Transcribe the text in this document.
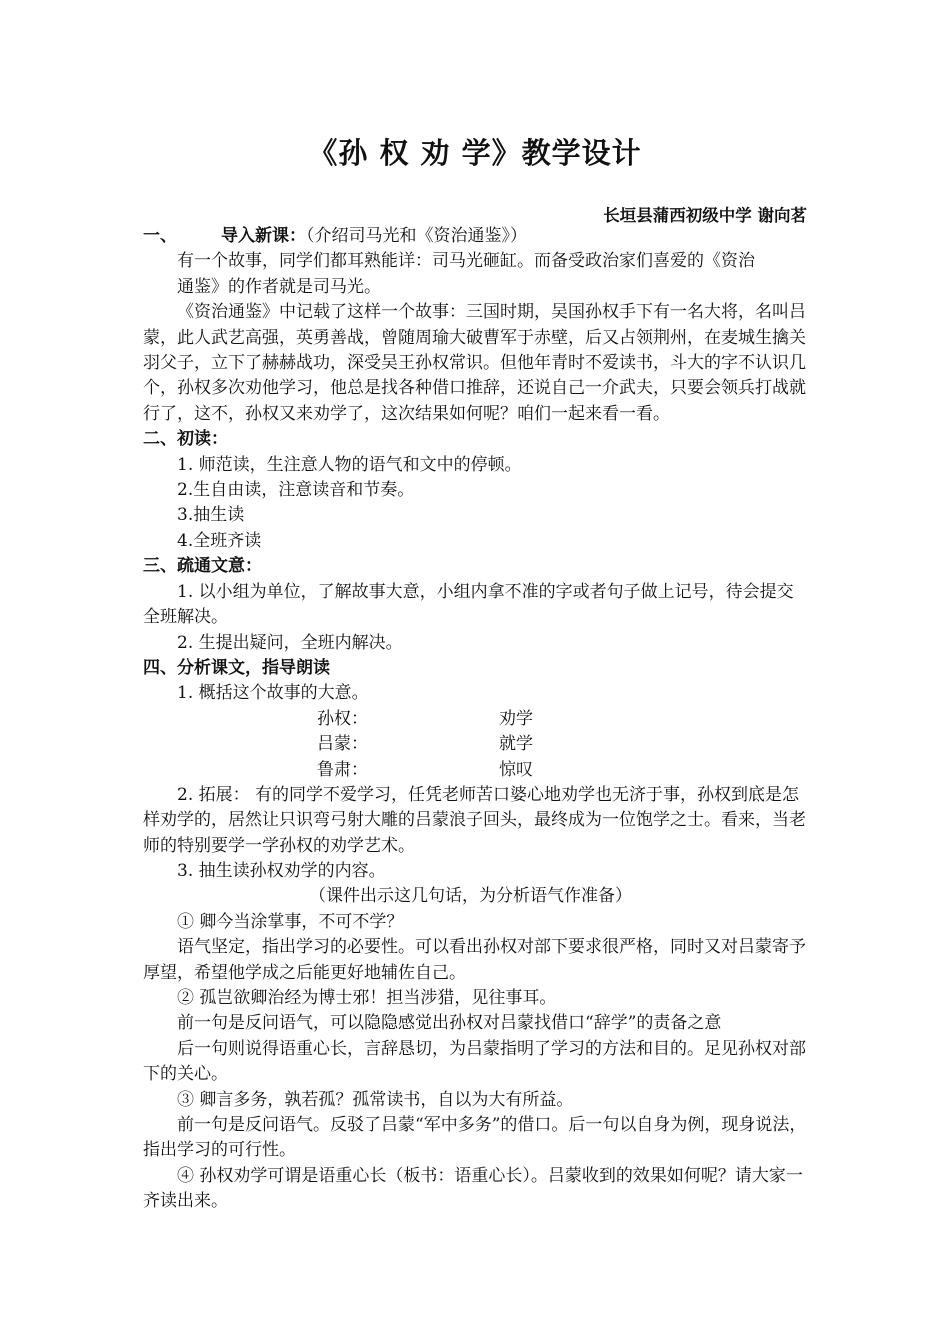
《孙 权 劝 学》教学设计
长垣县蒲西初级中学 谢向茗

一、	导入新课：（介绍司马光和《资治通鉴》）

有一个故事，同学们都耳熟能详：司马光砸缸。而备受政治家们喜爱的《资治

通鉴》的作者就是司马光。

《资治通鉴》中记载了这样一个故事：三国时期，吴国孙权手下有一名大将，名叫吕蒙，此人武艺高强，英勇善战，曾随周瑜大破曹军于赤壁，后又占领荆州，在麦城生擒关羽父子，立下了赫赫战功，深受吴王孙权常识。但他年青时不爱读书，斗大的字不认识几个，孙权多次劝他学习，他总是找各种借口推辞，还说自己一介武夫，只要会领兵打战就行了，这不，孙权又来劝学了，这次结果如何呢？咱们一起来看一看。

二、初读：

1. 师范读，生注意人物的语气和文中的停顿。

2.生自由读，注意读音和节奏。

3.抽生读

4.全班齐读

三、疏通文意：

1. 以小组为单位，了解故事大意，小组内拿不准的字或者句子做上记号，待会提交全班解决。

2. 生提出疑问，全班内解决。

四、分析课文，指导朗读

1. 概括这个故事的大意。

孙权：	劝学
吕蒙：	就学
鲁肃：	惊叹

2. 拓展： 有的同学不爱学习，任凭老师苦口婆心地劝学也无济于事，孙权到底是怎样劝学的，居然让只识弯弓射大雕的吕蒙浪子回头，最终成为一位饱学之士。看来，当老师的特别要学一学孙权的劝学艺术。

3. 抽生读孙权劝学的内容。

（课件出示这几句话，为分析语气作准备）

① 卿今当涂掌事，不可不学？

语气坚定，指出学习的必要性。可以看出孙权对部下要求很严格，同时又对吕蒙寄予厚望，希望他学成之后能更好地辅佐自己。

② 孤岂欲卿治经为博士邪！担当涉猎，见往事耳。

前一句是反问语气，可以隐隐感觉出孙权对吕蒙找借口“辞学”的责备之意

后一句则说得语重心长，言辞恳切，为吕蒙指明了学习的方法和目的。足见孙权对部下的关心。

③ 卿言多务，孰若孤？孤常读书，自以为大有所益。

前一句是反问语气。反驳了吕蒙“军中多务”的借口。后一句以自身为例，现身说法，指出学习的可行性。

④ 孙权劝学可谓是语重心长（板书：语重心长）。吕蒙收到的效果如何呢？请大家一齐读出来。
